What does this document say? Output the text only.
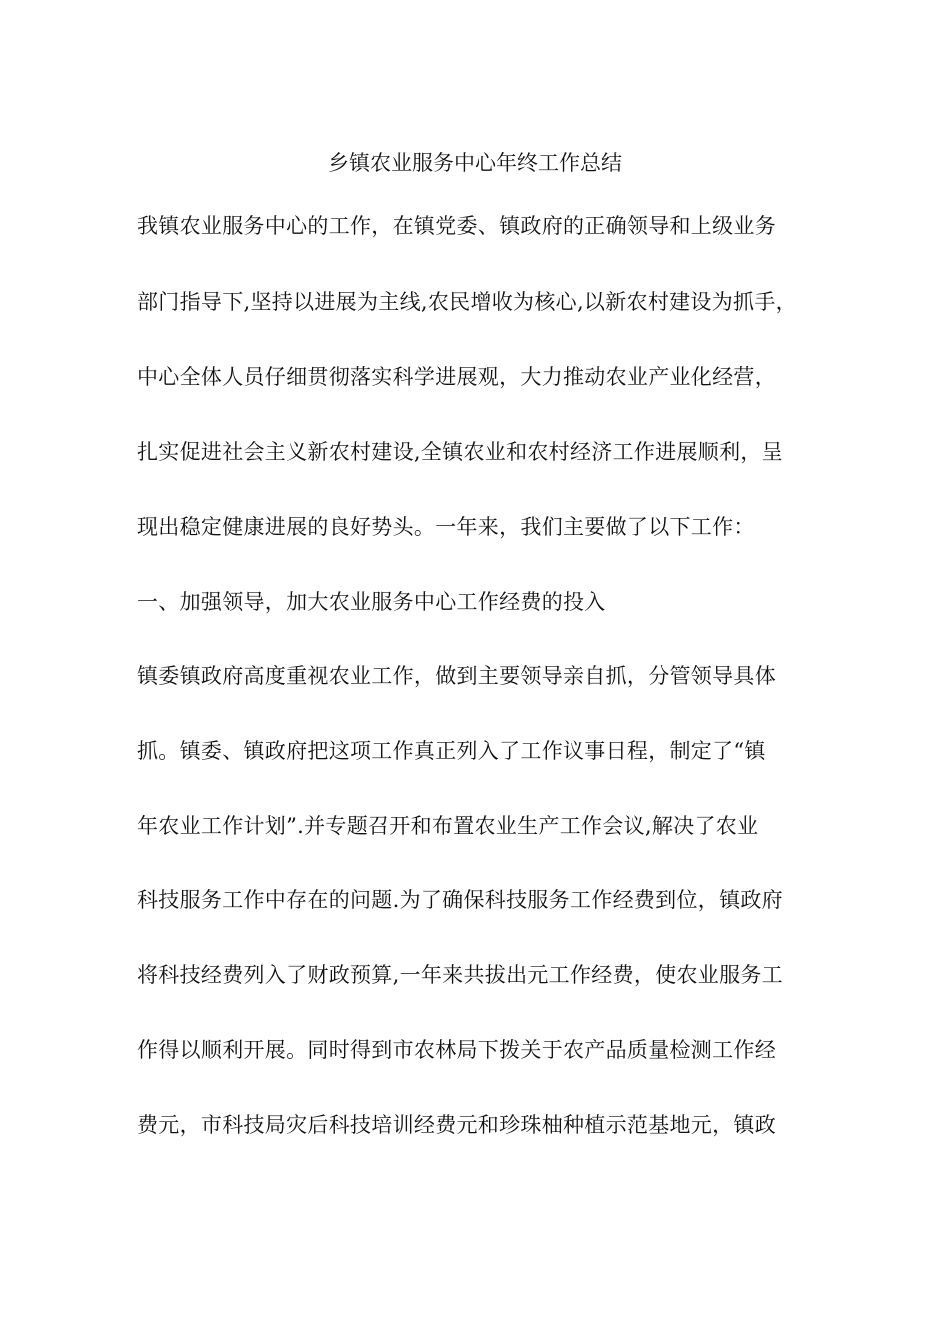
乡镇农业服务中心年终工作总结
我镇农业服务中心的工作，在镇党委、镇政府的正确领导和上级业务
部门指导下,坚持以进展为主线,农民增收为核心,以新农村建设为抓手，
中心全体人员仔细贯彻落实科学进展观，大力推动农业产业化经营，
扎实促进社会主义新农村建设,全镇农业和农村经济工作进展顺利，呈
现出稳定健康进展的良好势头。一年来，我们主要做了以下工作：
一、加强领导，加大农业服务中心工作经费的投入
镇委镇政府高度重视农业工作，做到主要领导亲自抓，分管领导具体
抓。镇委、镇政府把这项工作真正列入了工作议事日程，制定了“镇
年农业工作计划”.并专题召开和布置农业生产工作会议,解决了农业
科技服务工作中存在的问题.为了确保科技服务工作经费到位，镇政府
将科技经费列入了财政预算,一年来共拔出元工作经费，使农业服务工
作得以顺利开展。同时得到市农林局下拨关于农产品质量检测工作经
费元，市科技局灾后科技培训经费元和珍珠柚种植示范基地元，镇政
